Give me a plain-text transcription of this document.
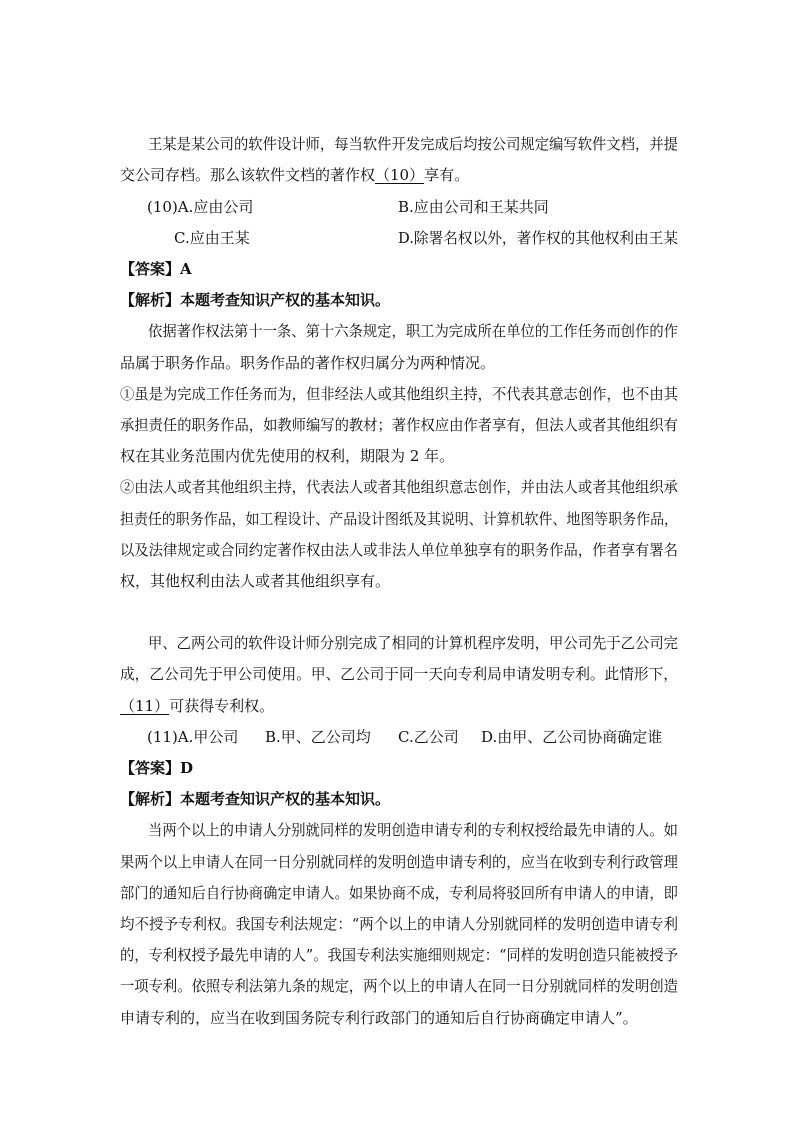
王某是某公司的软件设计师，每当软件开发完成后均按公司规定编写软件文档，并提
交公司存档。那么该软件文档的著作权（10）享有。
(10)A.应由公司	B.应由公司和王某共同
C.应由王某	D.除署名权以外，著作权的其他权利由王某
【答案】A
【解析】本题考查知识产权的基本知识。
依据著作权法第十一条、第十六条规定，职工为完成所在单位的工作任务而创作的作
品属于职务作品。职务作品的著作权归属分为两种情况。
①虽是为完成工作任务而为，但非经法人或其他组织主持，不代表其意志创作，也不由其
承担责任的职务作品，如教师编写的教材；著作权应由作者享有，但法人或者其他组织有
权在其业务范围内优先使用的权利，期限为 2 年。
②由法人或者其他组织主持，代表法人或者其他组织意志创作，并由法人或者其他组织承
担责任的职务作品，如工程设计、产品设计图纸及其说明、计算机软件、地图等职务作品，
以及法律规定或合同约定著作权由法人或非法人单位单独享有的职务作品，作者享有署名
权，其他权利由法人或者其他组织享有。
甲、乙两公司的软件设计师分别完成了相同的计算机程序发明，甲公司先于乙公司完
成，乙公司先于甲公司使用。甲、乙公司于同一天向专利局申请发明专利。此情形下，
（11）可获得专利权。
(11)A.甲公司 B.甲、乙公司均 C.乙公司 D.由甲、乙公司协商确定谁
【答案】D
【解析】本题考查知识产权的基本知识。
当两个以上的申请人分别就同样的发明创造申请专利的专利权授给最先申请的人。如
果两个以上申请人在同一日分别就同样的发明创造申请专利的，应当在收到专利行政管理
部门的通知后自行协商确定申请人。如果协商不成，专利局将驳回所有申请人的申请，即
均不授予专利权。我国专利法规定：“两个以上的申请人分别就同样的发明创造申请专利
的，专利权授予最先申请的人”。我国专利法实施细则规定：“同样的发明创造只能被授予
一项专利。依照专利法第九条的规定，两个以上的申请人在同一日分别就同样的发明创造
申请专利的，应当在收到国务院专利行政部门的通知后自行协商确定申请人”。
